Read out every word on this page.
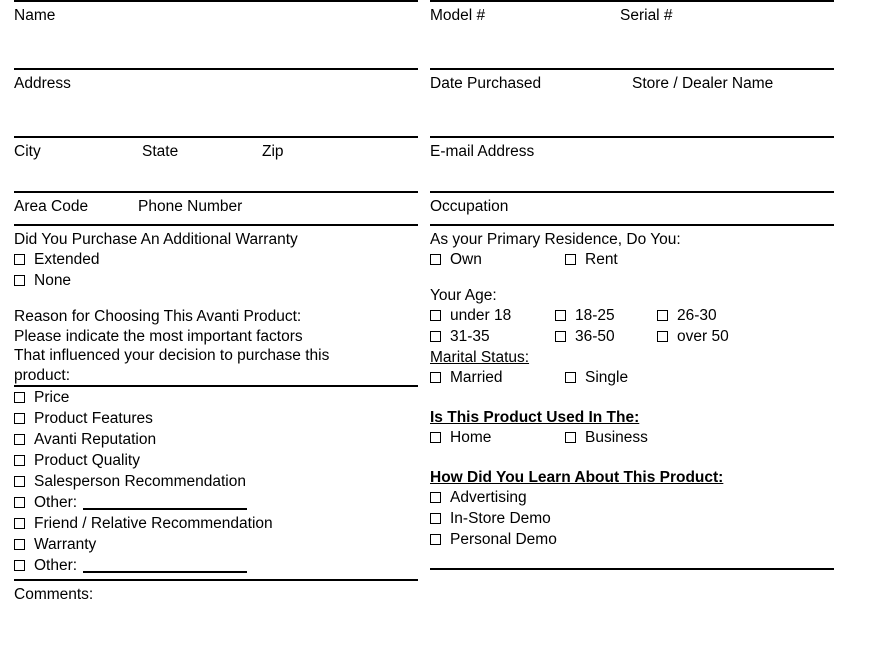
Name
Address
City	State	Zip
Area Code	Phone Number
Did You Purchase An Additional Warranty
Extended
None
Reason for Choosing This Avanti Product:
Please indicate the most important factors
That influenced your decision to purchase this
product:
Price
Product Features
Avanti Reputation
Product Quality
Salesperson Recommendation
Other:
Friend / Relative Recommendation
Warranty
Other:
Comments:
Model #	Serial #
Date Purchased	Store / Dealer Name
E-mail Address
Occupation
As your Primary Residence, Do You:
Own	Rent
Your Age:
under 18	18-25	26-30
31-35	36-50	over 50
Marital Status:
Married	Single
Is This Product Used In The:
Home	Business
How Did You Learn About This Product:
Advertising
In-Store Demo
Personal Demo
